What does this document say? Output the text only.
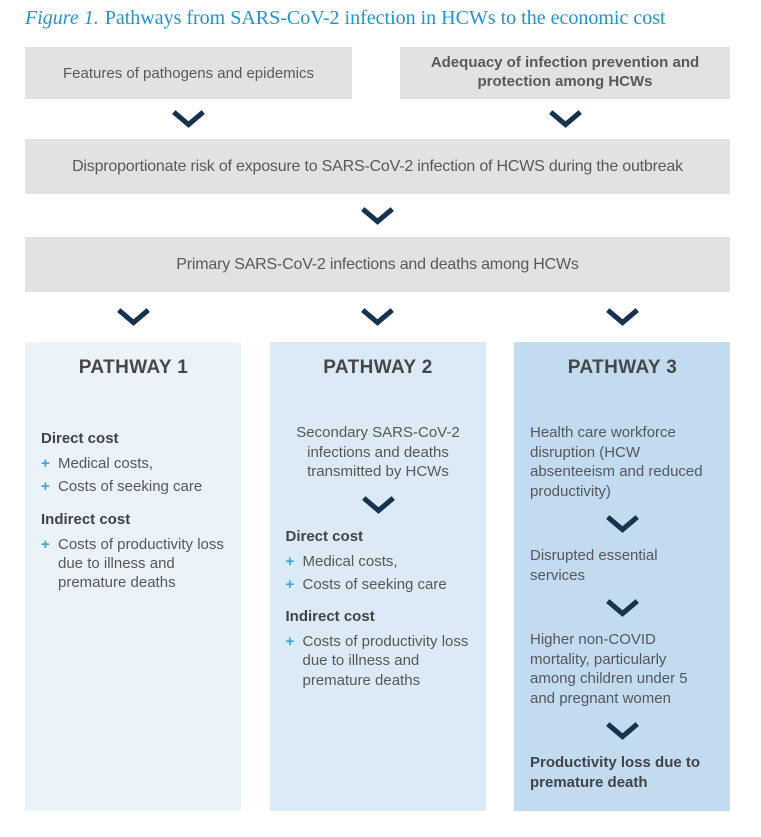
Figure 1. Pathways from SARS-CoV-2 infection in HCWs to the economic cost
Features of pathogens and epidemics
Adequacy of infection prevention and protection among HCWs
Disproportionate risk of exposure to SARS-CoV-2 infection of HCWS during the outbreak
Primary SARS-CoV-2 infections and deaths among HCWs
PATHWAY 1
Direct cost
+ Medical costs,
+ Costs of seeking care
Indirect cost
+ Costs of productivity loss due to illness and premature deaths
PATHWAY 2
Secondary SARS-CoV-2 infections and deaths transmitted by HCWs
Direct cost
+ Medical costs,
+ Costs of seeking care
Indirect cost
+ Costs of productivity loss due to illness and premature deaths
PATHWAY 3
Health care workforce disruption (HCW absenteeism and reduced productivity)
Disrupted essential services
Higher non-COVID mortality, particularly among children under 5 and pregnant women
Productivity loss due to premature death
